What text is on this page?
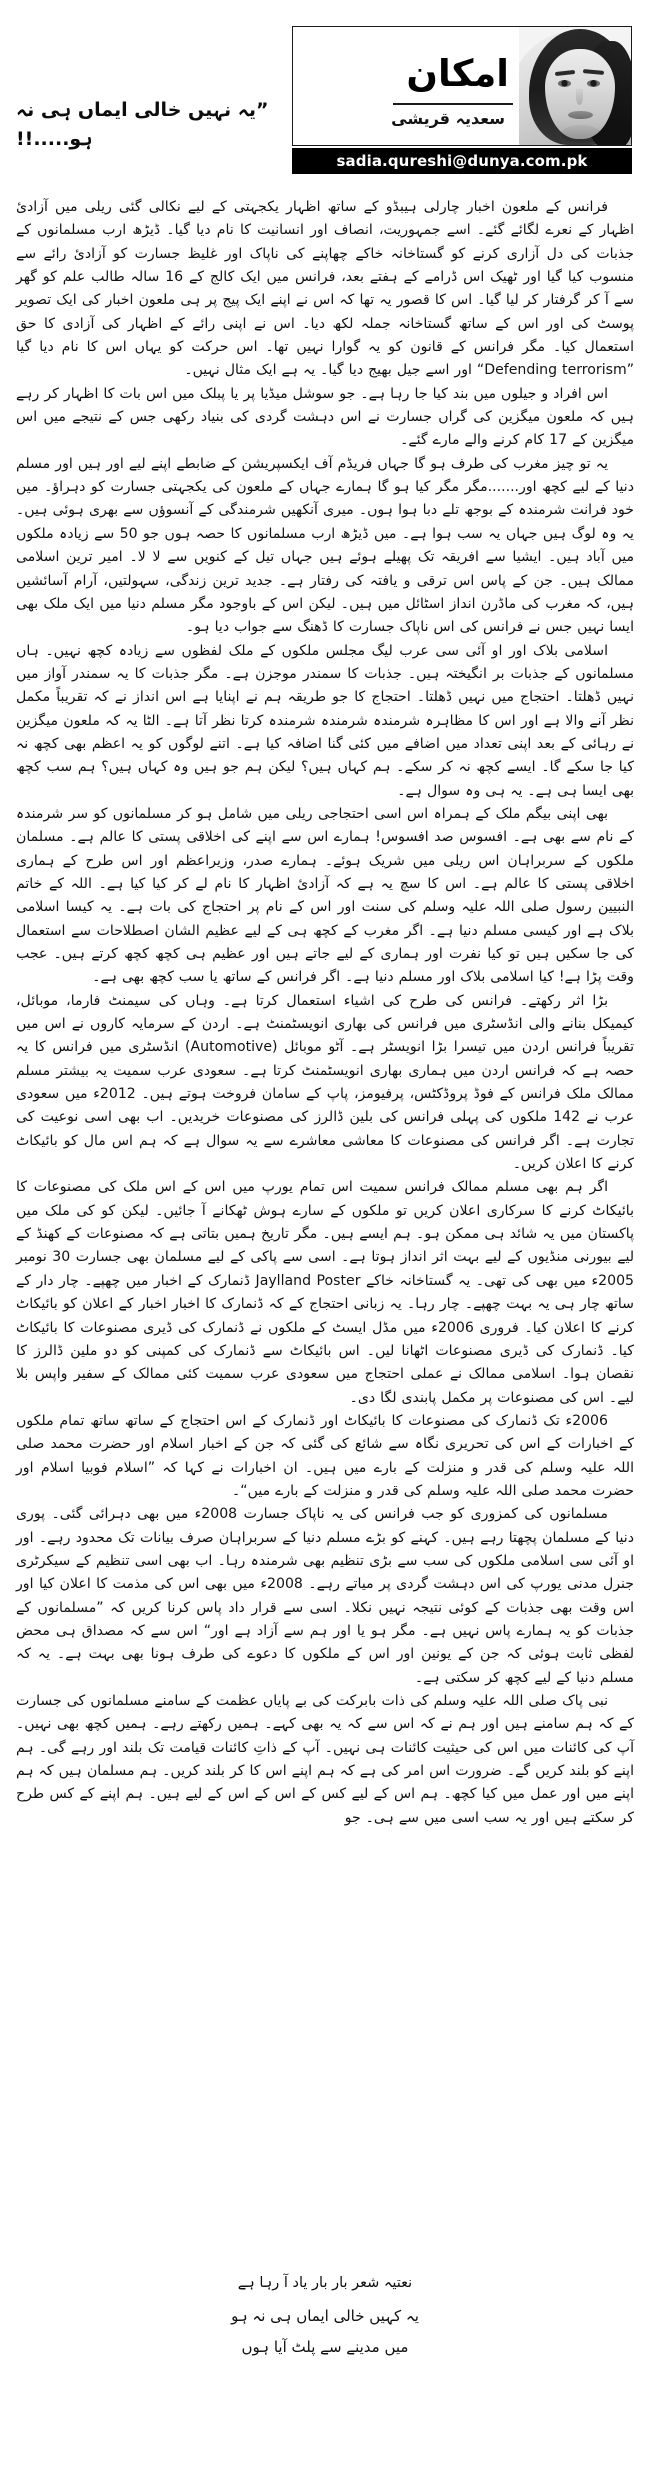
امکان
سعدیہ قریشی
sadia.qureshi@dunya.com.pk
”یہ نہیں خالی ایماں ہی نہ ہو.....!!

فرانس کے ملعون اخبار چارلی ہیبڈو کے ساتھ اظہار یکجہتی کے لیے نکالی گئی ریلی میں آزادیٔ اظہار کے نعرے لگائے گئے۔ اسے جمہوریت، انصاف اور انسانیت کا نام دیا گیا۔ ڈیڑھ ارب مسلمانوں کے جذبات کی دل آزاری کرنے کو گستاخانہ خاکے چھاپنے کی ناپاک اور غلیظ جسارت کو آزادیٔ رائے سے منسوب کیا گیا اور ٹھیک اس ڈرامے کے ہفتے بعد، فرانس میں ایک کالج کے 16 سالہ طالب علم کو گھر سے آ کر گرفتار کر لیا گیا۔ اس کا قصور یہ تھا کہ اس نے اپنے ایک پیج پر ہی ملعون اخبار کی ایک تصویر پوسٹ کی اور اس کے ساتھ گستاخانہ جملہ لکھ دیا۔ اس نے اپنی رائے کے اظہار کی آزادی کا حق استعمال کیا۔ مگر فرانس کے قانون کو یہ گوارا نہیں تھا۔ اس حرکت کو یہاں اس کا نام دیا گیا ”Defending terrorism“ اور اسے جیل بھیج دیا گیا۔ یہ ہے ایک مثال نہیں۔

اس افراد و جیلوں میں بند کیا جا رہا ہے۔ جو سوشل میڈیا پر یا پبلک میں اس بات کا اظہار کر رہے ہیں کہ ملعون میگزین کی گراں جسارت نے اس دہشت گردی کی بنیاد رکھی جس کے نتیجے میں اس میگزین کے 17 کام کرنے والے مارے گئے۔

یہ تو چیز مغرب کی طرف ہو گا جہاں فریڈم آف ایکسپریشن کے ضابطے اپنے لیے اور ہیں اور مسلم دنیا کے لیے کچھ اور.......مگر مگر کیا ہو گا ہمارے جہاں کے ملعون کی یکجہتی جسارت کو دہراؤ۔ میں خود فرانت شرمندہ کے بوجھ تلے دبا ہوا ہوں۔ میری آنکھیں شرمندگی کے آنسوؤں سے بھری ہوئی ہیں۔ یہ وہ لوگ ہیں جہاں یہ سب ہوا ہے۔ میں ڈیڑھ ارب مسلمانوں کا حصہ ہوں جو 50 سے زیادہ ملکوں میں آباد ہیں۔ ایشیا سے افریقہ تک پھیلے ہوئے ہیں جہاں تیل کے کنویں سے لا لا۔ امیر ترین اسلامی ممالک ہیں۔ جن کے پاس اس ترقی و یافتہ کی رفتار ہے۔ جدید ترین زندگی، سہولتیں، آرام آسائشیں ہیں، کہ مغرب کی ماڈرن انداز اسٹائل میں ہیں۔ لیکن اس کے باوجود مگر مسلم دنیا میں ایک ملک بھی ایسا نہیں جس نے فرانس کی اس ناپاک جسارت کا ڈھنگ سے جواب دیا ہو۔

اسلامی بلاک اور او آئی سی عرب لیگ مجلس ملکوں کے ملک لفظوں سے زیادہ کچھ نہیں۔ ہاں مسلمانوں کے جذبات بر انگیختہ ہیں۔ جذبات کا سمندر موجزن ہے۔ مگر جذبات کا یہ سمندر آواز میں نہیں ڈھلتا۔ احتجاج میں نہیں ڈھلتا۔ احتجاج کا جو طریقہ ہم نے اپنایا ہے اس انداز نے کہ تقریباً مکمل نظر آنے والا ہے اور اس کا مظاہرہ شرمندہ شرمندہ شرمندہ کرتا نظر آتا ہے۔ الٹا یہ کہ ملعون میگزین نے رہائی کے بعد اپنی تعداد میں اضافے میں کئی گنا اضافہ کیا ہے۔ اتنے لوگوں کو یہ اعظم بھی کچھ نہ کیا جا سکے گا۔ ایسے کچھ نہ کر سکے۔ ہم کہاں ہیں؟ لیکن ہم جو ہیں وہ کہاں ہیں؟ ہم سب کچھ بھی ایسا ہی ہے۔ یہ ہی وہ سوال ہے۔

بھی اپنی بیگم ملک کے ہمراہ اس اسی احتجاجی ریلی میں شامل ہو کر مسلمانوں کو سر شرمندہ کے نام سے بھی ہے۔ افسوس صد افسوس! ہمارے اس سے اپنے کی اخلاقی پستی کا عالم ہے۔ مسلمان ملکوں کے سربراہان اس ریلی میں شریک ہوئے۔ ہمارے صدر، وزیراعظم اور اس طرح کے ہماری اخلاقی پستی کا عالم ہے۔ اس کا سچ یہ ہے کہ آزادیٔ اظہار کا نام لے کر کیا کیا ہے۔ اللہ کے خاتم النبیین رسول صلی اللہ علیہ وسلم کی سنت اور اس کے نام پر احتجاج کی بات ہے۔ یہ کیسا اسلامی بلاک ہے اور کیسی مسلم دنیا ہے۔ اگر مغرب کے کچھ ہی کے لیے عظیم الشان اصطلاحات سے استعمال کی جا سکیں ہیں تو کیا نفرت اور ہماری کے لیے جاتے ہیں اور عظیم ہی کچھ کچھ کرتے ہیں۔ عجب وقت پڑا ہے! کیا اسلامی بلاک اور مسلم دنیا ہے۔ اگر فرانس کے ساتھ یا سب کچھ بھی ہے۔

بڑا اثر رکھتے۔ فرانس کی طرح کی اشیاء استعمال کرتا ہے۔ وہاں کی سیمنٹ فارما، موبائل، کیمیکل بنانے والی انڈسٹری میں فرانس کی بھاری انویسٹمنٹ ہے۔ اردن کے سرمایہ کاروں نے اس میں تقریباً فرانس اردن میں تیسرا بڑا انویسٹر ہے۔ آٹو موبائل (Automotive) انڈسٹری میں فرانس کا یہ حصہ ہے کہ فرانس اردن میں ہماری بھاری انویسٹمنٹ کرتا ہے۔ سعودی عرب سمیت یہ بیشتر مسلم ممالک ملک فرانس کے فوڈ پروڈکٹس، پرفیومز، پاپ کے سامان فروخت ہوتے ہیں۔ 2012ء میں سعودی عرب نے 142 ملکوں کی پہلی فرانس کی بلین ڈالرز کی مصنوعات خریدیں۔ اب بھی اسی نوعیت کی تجارت ہے۔ اگر فرانس کی مصنوعات کا معاشی معاشرے سے یہ سوال ہے کہ ہم اس مال کو بائیکاٹ کرنے کا اعلان کریں۔

اگر ہم بھی مسلم ممالک فرانس سمیت اس تمام یورپ میں اس کے اس ملک کی مصنوعات کا بائیکاٹ کرنے کا سرکاری اعلان کریں تو ملکوں کے سارے ہوش ٹھکانے آ جائیں۔ لیکن کو کی ملک میں پاکستان میں یہ شائد ہی ممکن ہو۔ ہم ایسے ہیں۔ مگر تاریخ ہمیں بتاتی ہے کہ مصنوعات کے کھنڈ کے لیے بیورنی منڈیوں کے لیے بہت اثر انداز ہوتا ہے۔ اسی سے پاکی کے لیے مسلمان بھی جسارت 30 نومبر 2005ء میں بھی کی تھی۔ یہ گستاخانہ خاکے Jaylland Poster ڈنمارک کے اخبار میں چھپے۔ چار دار کے ساتھ چار ہی یہ بہت چھپے۔ چار رہا۔ یہ زبانی احتجاج کے کہ ڈنمارک کا اخبار اخبار کے اعلان کو بائیکاٹ کرنے کا اعلان کیا۔ فروری 2006ء میں مڈل ایسٹ کے ملکوں نے ڈنمارک کی ڈیری مصنوعات کا بائیکاٹ کیا۔ ڈنمارک کی ڈیری مصنوعات اٹھانا لیں۔ اس بائیکاٹ سے ڈنمارک کی کمپنی کو دو ملین ڈالرز کا نقصان ہوا۔ اسلامی ممالک نے عملی احتجاج میں سعودی عرب سمیت کئی ممالک کے سفیر واپس بلا لیے۔ اس کی مصنوعات پر مکمل پابندی لگا دی۔

2006ء تک ڈنمارک کی مصنوعات کا بائیکاٹ اور ڈنمارک کے اس احتجاج کے ساتھ ساتھ تمام ملکوں کے اخبارات کے اس کی تحریری نگاہ سے شائع کی گئی کہ جن کے اخبار اسلام اور حضرت محمد صلی اللہ علیہ وسلم کی قدر و منزلت کے بارے میں ہیں۔ ان اخبارات نے کہا کہ ”اسلام فوبیا اسلام اور حضرت محمد صلی اللہ علیہ وسلم کی قدر و منزلت کے بارے میں“۔

مسلمانوں کی کمزوری کو جب فرانس کی یہ ناپاک جسارت 2008ء میں بھی دہرائی گئی۔ پوری دنیا کے مسلمان پچھتا رہے ہیں۔ کہنے کو بڑے مسلم دنیا کے سربراہان صرف بیانات تک محدود رہے۔ اور او آئی سی اسلامی ملکوں کی سب سے بڑی تنظیم بھی شرمندہ رہا۔ اب بھی اسی تنظیم کے سیکرٹری جنرل مدنی یورپ کی اس دہشت گردی پر میاتے رہے۔ 2008ء میں بھی اس کی مذمت کا اعلان کیا اور اس وقت بھی جذبات کے کوئی نتیجہ نہیں نکلا۔ اسی سے قرار داد پاس کرنا کریں کہ ”مسلمانوں کے جذبات کو یہ ہمارے پاس نہیں ہے۔ مگر ہو یا اور ہم سے آزاد ہے اور“ اس سے کہ مصداق ہی محض لفظی ثابت ہوئی کہ جن کے یونین اور اس کے ملکوں کا دعوے کی طرف ہونا بھی بہت ہے۔ یہ کہ مسلم دنیا کے لیے کچھ کر سکتی ہے۔

نبی پاک صلی اللہ علیہ وسلم کی ذات بابرکت کی بے پایاں عظمت کے سامنے مسلمانوں کی جسارت کے کہ ہم سامنے ہیں اور ہم نے کہ اس سے کہ یہ بھی کہے۔ ہمیں رکھتے رہے۔ ہمیں کچھ بھی نہیں۔ آپ کی کائنات میں اس کی حیثیت کائنات ہی نہیں۔ آپ کے ذاتِ کائنات قیامت تک بلند اور رہے گی۔ ہم اپنے کو بلند کریں گے۔ ضرورت اس امر کی ہے کہ ہم اپنے اس کا کر بلند کریں۔ ہم مسلمان ہیں کہ ہم اپنے میں اور عمل میں کیا کچھ۔ ہم اس کے لیے کس کے اس کے اس کے لیے ہیں۔ ہم اپنے کے کس طرح کر سکتے ہیں اور یہ سب اسی میں سے ہی۔ جو

نعتیہ شعر بار بار یاد آ رہا ہے
یہ کہیں خالی ایماں ہی نہ ہو
میں مدینے سے پلٹ آیا ہوں
